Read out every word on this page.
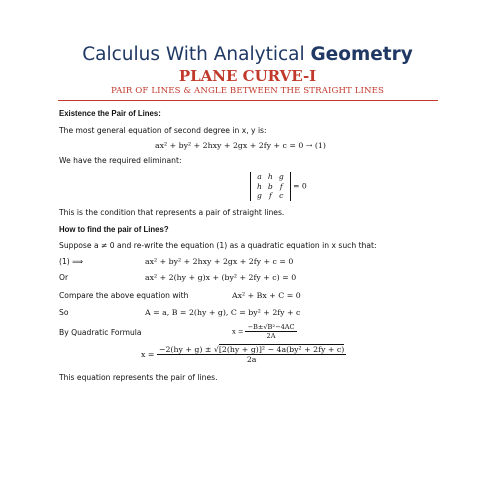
Calculus With Analytical Geometry
PLANE CURVE-I
PAIR OF LINES & ANGLE BETWEEN THE STRAIGHT LINES
Existence the Pair of Lines:
The most general equation of second degree in x, y is:
ax² + by² + 2hxy + 2gx + 2fy + c = 0 → (1)
We have the required eliminant:
a	h	g
h	b	f
g	f	c
= 0
This is the condition that represents a pair of straight lines.
How to find the pair of Lines?
Suppose a ≠ 0 and re-write the equation (1) as a quadratic equation in x such that:
(1) ⟹	ax² + by² + 2hxy + 2gx + 2fy + c = 0
Or	ax² + 2(hy + g)x + (by² + 2fy + c) = 0
Compare the above equation with	Ax² + Bx + C = 0
So	A = a, B = 2(hy + g), C = by² + 2fy + c
By Quadratic Formula	$x = \frac{\text{−B±√B²−4AC}}{2A}$
$x = \frac{\text{−2(hy + g) ± √[2(hy + g)]² − 4a(by² + 2fy + c)}}{2a}$
This equation represents the pair of lines.
